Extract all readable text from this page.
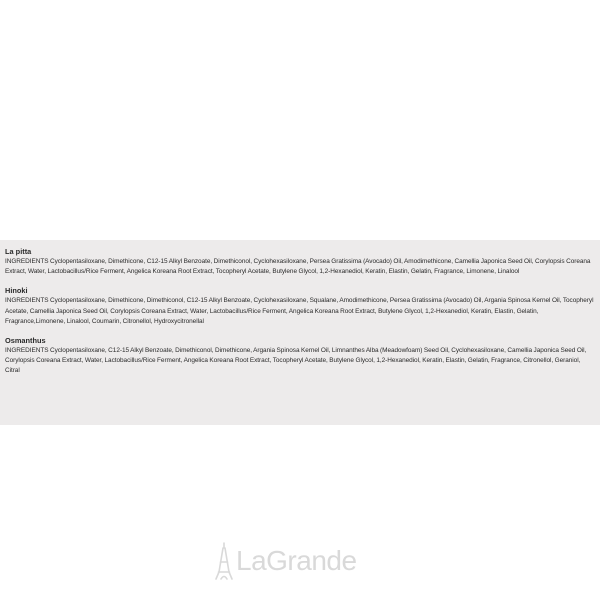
La pitta
INGREDIENTS Cyclopentasiloxane, Dimethicone, C12-15 Alkyl Benzoate, Dimethiconol, Cyclohexasiloxane, Persea Gratissima (Avocado) Oil, Amodimethicone, Camellia Japonica Seed Oil, Corylopsis Coreana Extract, Water, Lactobacillus/Rice Ferment, Angelica Koreana Root Extract, Tocopheryl Acetate, Butylene Glycol, 1,2-Hexanediol, Keratin, Elastin, Gelatin, Fragrance, Limonene, Linalool
Hinoki
INGREDIENTS Cyclopentasiloxane, Dimethicone, Dimethiconol, C12-15 Alkyl Benzoate, Cyclohexasiloxane, Squalane, Amodimethicone, Persea Gratissima (Avocado) Oil, Argania Spinosa Kernel Oil, Tocopheryl Acetate, Camellia Japonica Seed Oil, Corylopsis Coreana Extract, Water, Lactobacillus/Rice Ferment, Angelica Koreana Root Extract, Butylene Glycol, 1,2-Hexanediol, Keratin, Elastin, Gelatin, Fragrance,Limonene, Linalool, Coumarin, Citronellol, Hydroxycitronellal
Osmanthus
INGREDIENTS Cyclopentasiloxane, C12-15 Alkyl Benzoate, Dimethiconol, Dimethicone, Argania Spinosa Kernel Oil, Limnanthes Alba (Meadowfoam) Seed Oil, Cyclohexasiloxane, Camellia Japonica Seed Oil, Corylopsis Coreana Extract, Water, Lactobacillus/Rice Ferment, Angelica Koreana Root Extract, Tocopheryl Acetate, Butylene Glycol, 1,2-Hexanediol, Keratin, Elastin, Gelatin, Fragrance, Citronellol, Geraniol, Citral
LaGrande
